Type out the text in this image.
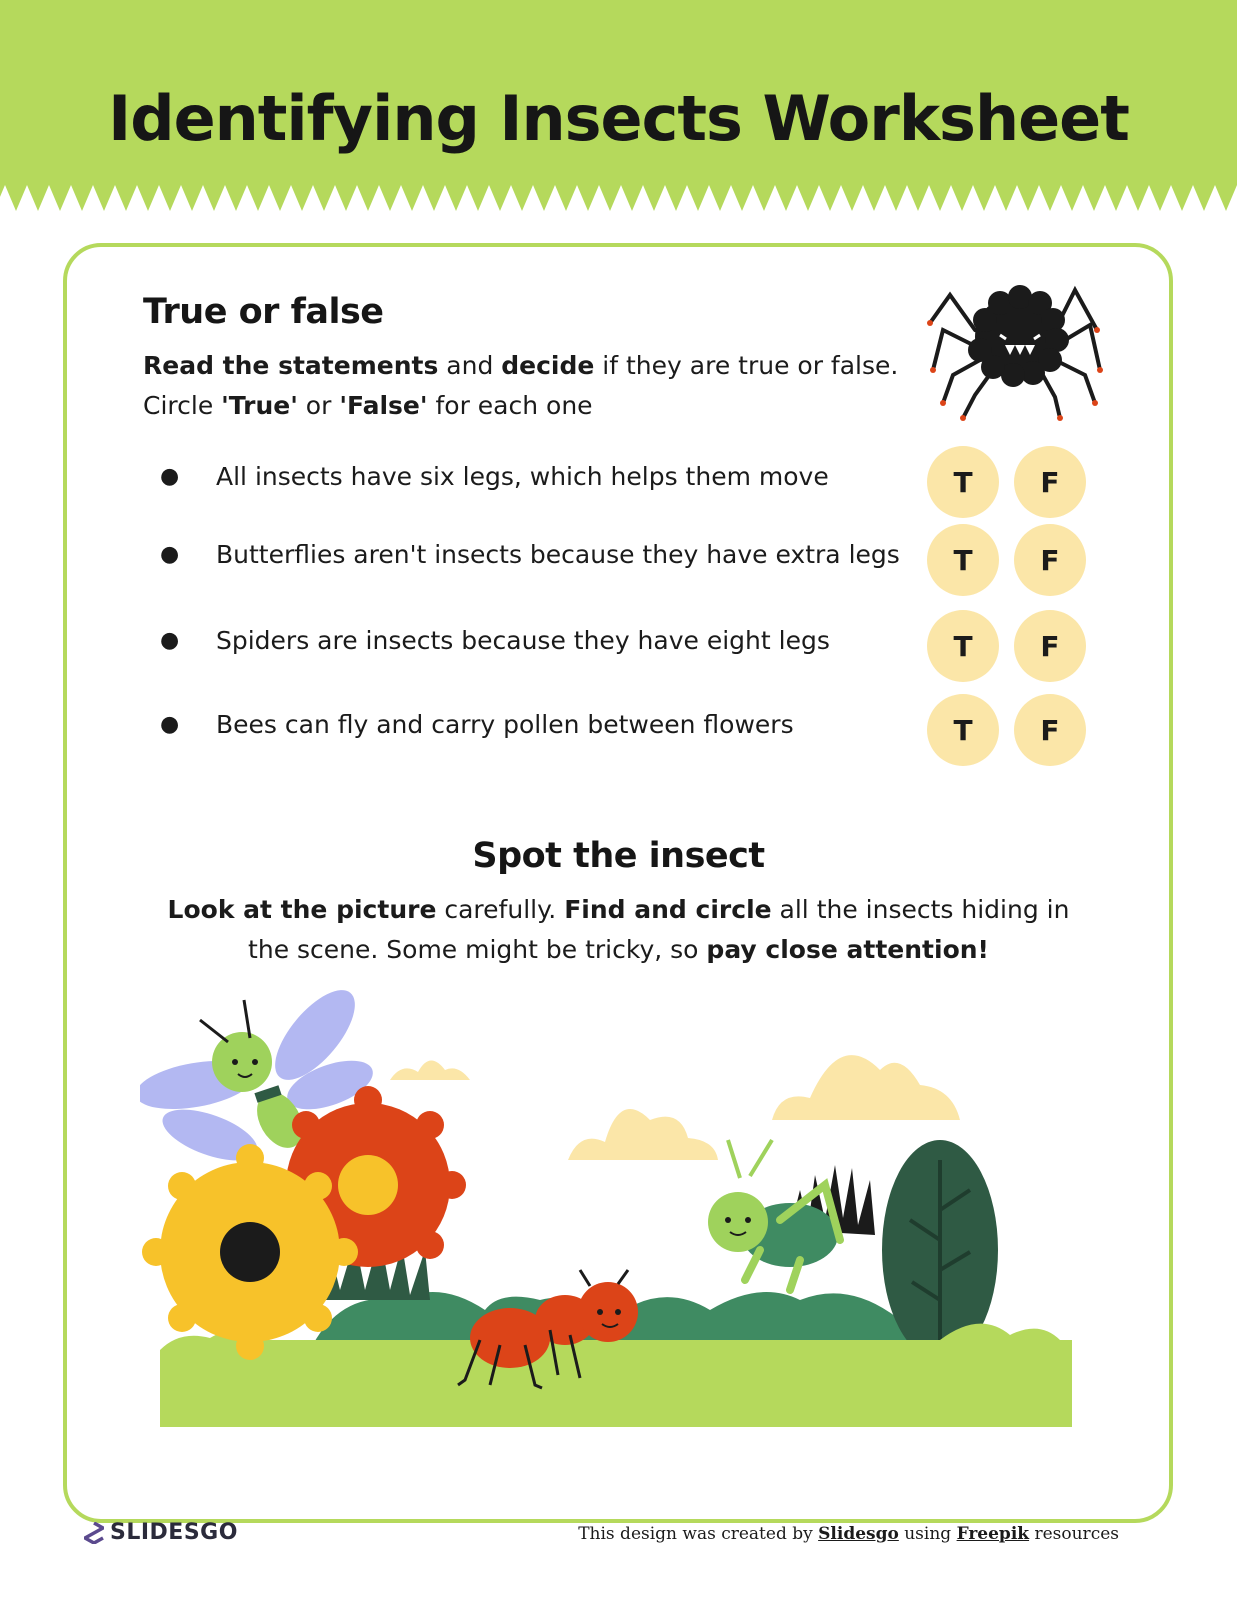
Identifying Insects Worksheet
True or false
Read the statements and decide if they are true or false. Circle 'True' or 'False' for each one
● All insects have six legs, which helps them move	T	F
● Butterflies aren't insects because they have extra legs	T	F
● Spiders are insects because they have eight legs	T	F
● Bees can fly and carry pollen between flowers	T	F
Spot the insect
Look at the picture carefully. Find and circle all the insects hiding in the scene. Some might be tricky, so pay close attention!
SLIDESGO	This design was created by Slidesgo using Freepik resources
